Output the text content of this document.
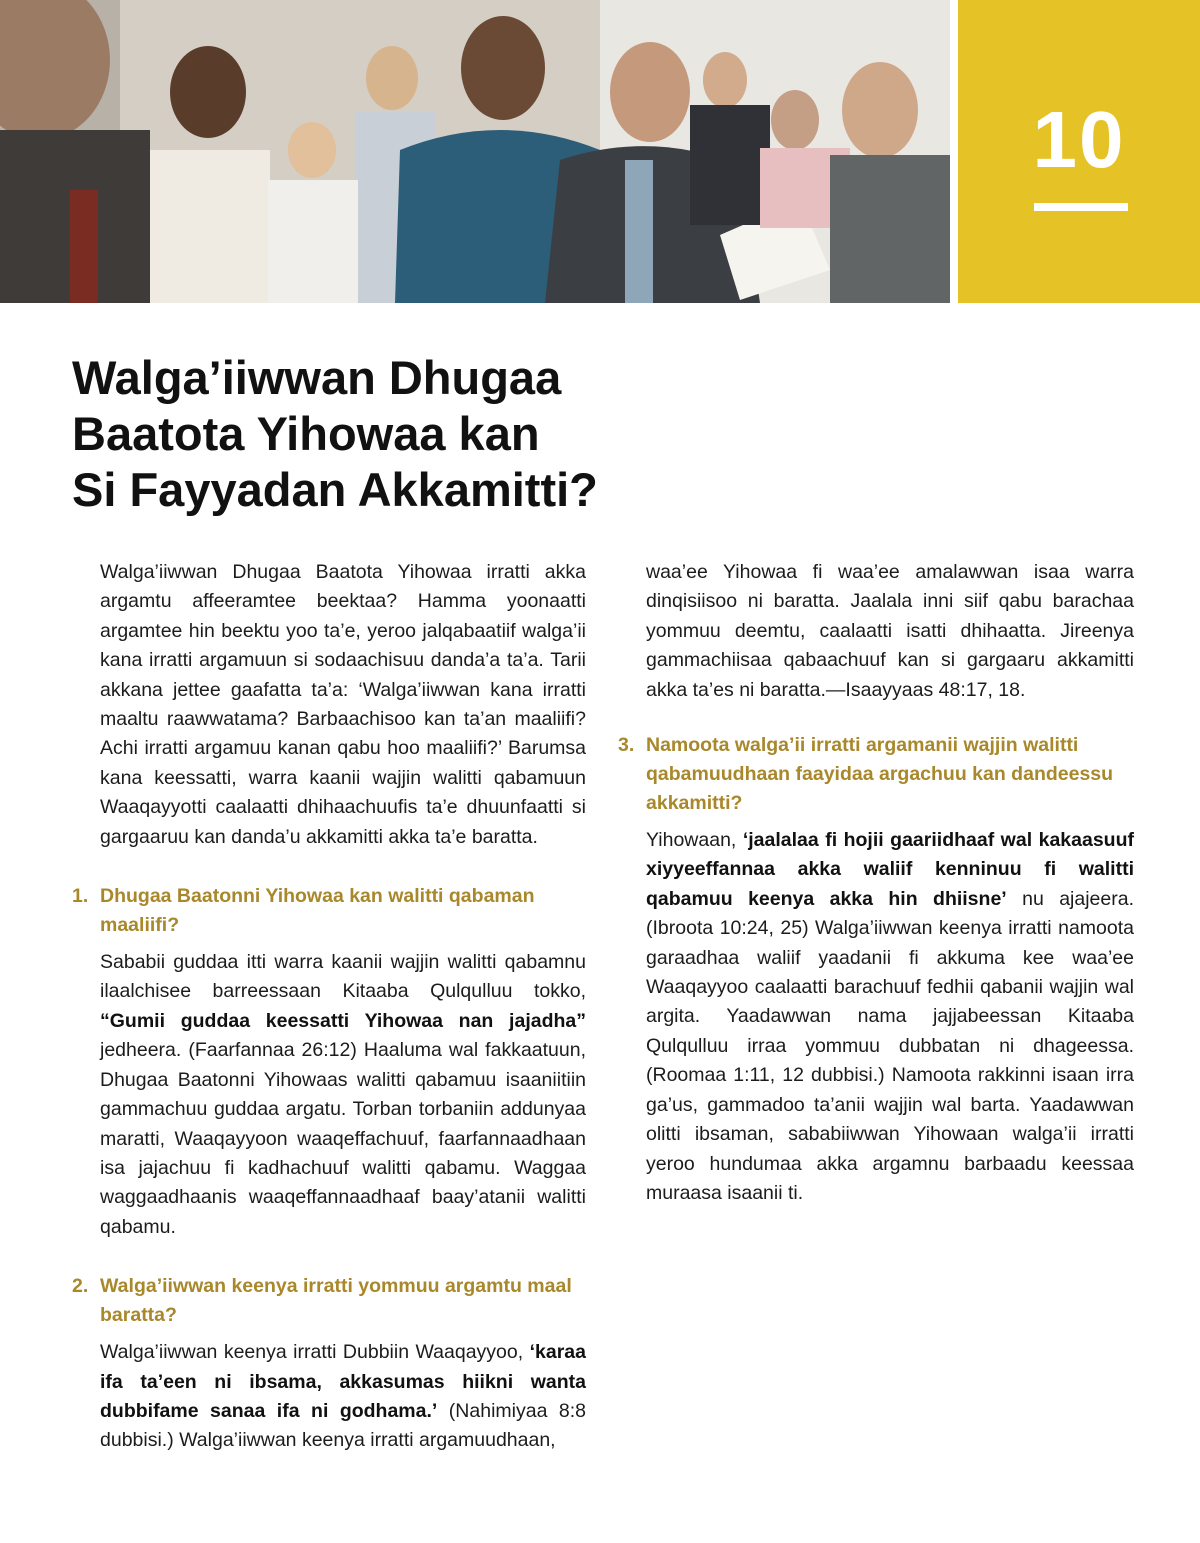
10
Walga’iiwwan Dhugaa
Baatota Yihowaa kan
Si Fayyadan Akkamitti?

Walga’iiwwan Dhugaa Baatota Yihowaa irratti akka argamtu affeeramtee beektaa? Hamma yoonaatti argamtee hin beektu yoo ta’e, yeroo jalqabaatiif walga’ii kana irratti argamuun si sodaachisuu danda’a ta’a. Tarii akkana jettee gaafatta ta’a: ‘Walga’iiwwan kana irratti maaltu raawwatama? Barbaachisoo kan ta’an maaliifi? Achi irratti argamuu kanan qabu hoo maaliifi?’ Barumsa kana keessatti, warra kaanii wajjin walitti qabamuun Waaqayyotti caalaatti dhihaachuufis ta’e dhuunfaatti si gargaaruu kan danda’u akkamitti akka ta’e baratta.

1. Dhugaa Baatonni Yihowaa kan walitti qabaman maaliifi?

Sababii guddaa itti warra kaanii wajjin walitti qabamnu ilaalchisee barreessaan Kitaaba Qulqulluu tokko, “Gumii guddaa keessatti Yihowaa nan jajadha” jedheera. (Faarfannaa 26:12) Haaluma wal fakkaatuun, Dhugaa Baatonni Yihowaas walitti qabamuu isaaniitiin gammachuu guddaa argatu. Torban torbaniin addunyaa maratti, Waaqayyoon waaqeffachuuf, faarfannaadhaan isa jajachuu fi kadhachuuf walitti qabamu. Waggaa waggaadhaanis waaqeffannaadhaaf baay’atanii walitti qabamu.

2. Walga’iiwwan keenya irratti yommuu argamtu maal baratta?

Walga’iiwwan keenya irratti Dubbiin Waaqayyoo, ‘karaa ifa ta’een ni ibsama, akkasumas hiikni wanta dubbifame sanaa ifa ni godhama.’ (Nahimiyaa 8:8 dubbisi.) Walga’iiwwan keenya irratti argamuudhaan,

waa’ee Yihowaa fi waa’ee amalawwan isaa warra dinqisiisoo ni baratta. Jaalala inni siif qabu barachaa yommuu deemtu, caalaatti isatti dhihaatta. Jireenya gammachiisaa qabaachuuf kan si gargaaru akkamitti akka ta’es ni baratta.—Isaayyaas 48:17, 18.

3. Namoota walga’ii irratti argamanii wajjin walitti qabamuudhaan faayidaa argachuu kan dandeessu akkamitti?

Yihowaan, ‘jaalalaa fi hojii gaariidhaaf wal kakaasuuf xiyyeeffannaa akka waliif kenninuu fi walitti qabamuu keenya akka hin dhiisne’ nu ajajeera. (Ibroota 10:24, 25) Walga’iiwwan keenya irratti namoota garaadhaa waliif yaadanii fi akkuma kee waa’ee Waaqayyoo caalaatti barachuuf fedhii qabanii wajjin wal argita. Yaadawwan nama jajjabeessan Kitaaba Qulqulluu irraa yommuu dubbatan ni dhageessa. (Roomaa 1:11, 12 dubbisi.) Namoota rakkinni isaan irra ga’us, gammadoo ta’anii wajjin wal barta. Yaadawwan olitti ibsaman, sababiiwwan Yihowaan walga’ii irratti yeroo hundumaa akka argamnu barbaadu keessaa muraasa isaanii ti.
